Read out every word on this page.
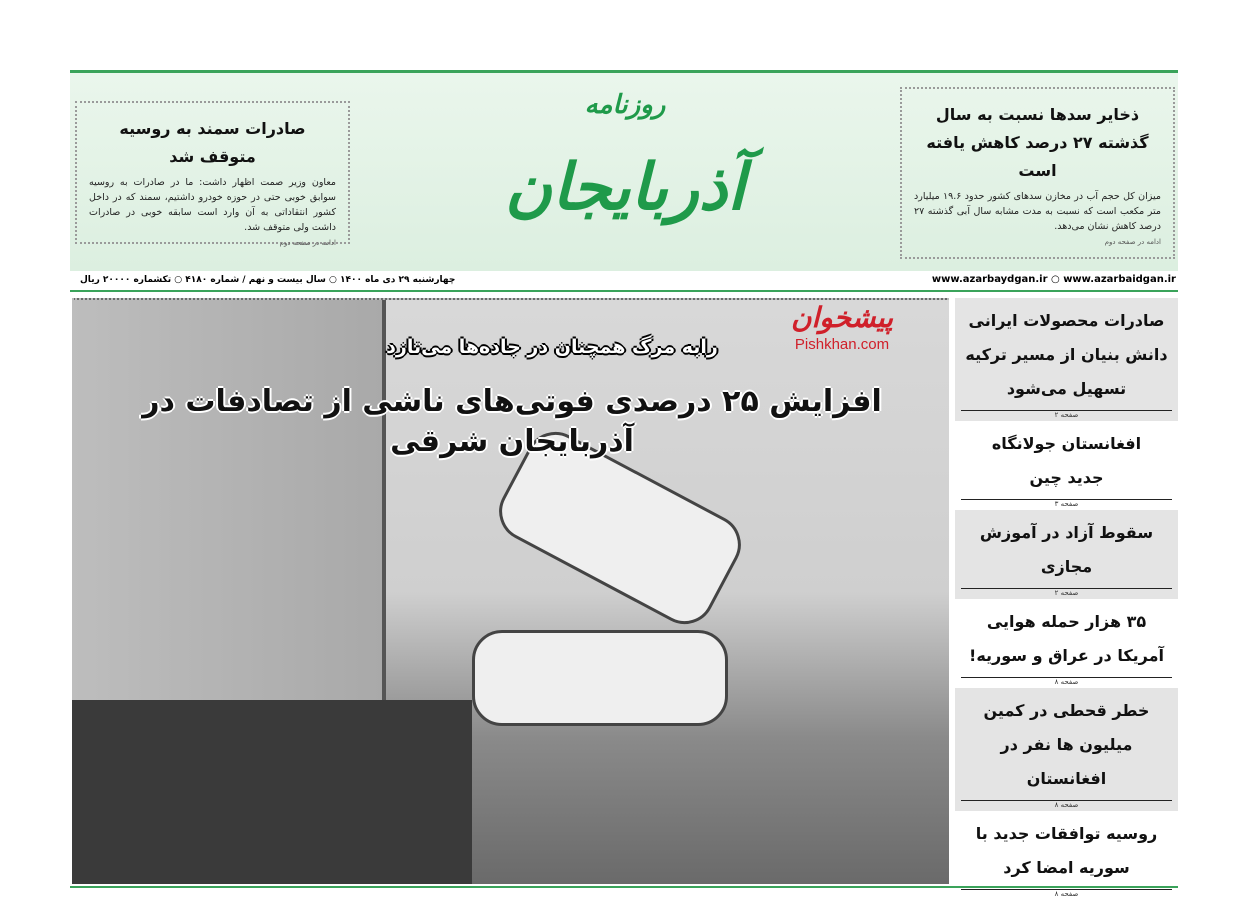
صادرات سمند به روسیه متوقف شد

معاون وزیر صمت اظهار داشت: ما در صادرات به روسیه سوابق خوبی حتی در حوزه خودرو داشتیم، سمند که در داخل کشور انتقاداتی به آن وارد است سابقه خوبی در صادرات داشت ولی متوقف شد.

ادامه در صفحه دوم
روزنامه
آذربایجان
ذخایر سدها نسبت به سال گذشته ۲۷ درصد کاهش یافته است

میزان کل حجم آب در مخازن سدهای کشور حدود ۱۹.۶ میلیارد متر مکعب است که نسبت به مدت مشابه سال آبی گذشته ۲۷ درصد کاهش نشان می‌دهد.

ادامه در صفحه دوم
چهارشنبه ۲۹ دی ماه ۱۴۰۰ ○ سال بیست و نهم / شماره ۴۱۸۰ ○ تکشماره ۲۰۰۰۰ ریال	www.azarbaydgan.ir ○ www.azarbaidgan.ir
رابه مرگ همچنان در جاده‌ها می‌تازد
افزایش ۲۵ درصدی فوتی‌های ناشی از تصادفات در آذربایجان شرقی
پیشخوان
Pishkhan.com
صادرات محصولات ایرانی دانش بنیان از مسیر ترکیه تسهیل می‌شود
صفحه ۲
افغانستان جولانگاه جدید چین
صفحه ۳
سقوط آزاد در آموزش مجازی
صفحه ۲
۳۵ هزار حمله هوایی آمریکا در عراق و سوریه!
صفحه ۸
خطر قحطی در کمین میلیون ها نفر در افغانستان
صفحه ۸
روسیه توافقات جدید با سوریه امضا کرد
صفحه ۸
